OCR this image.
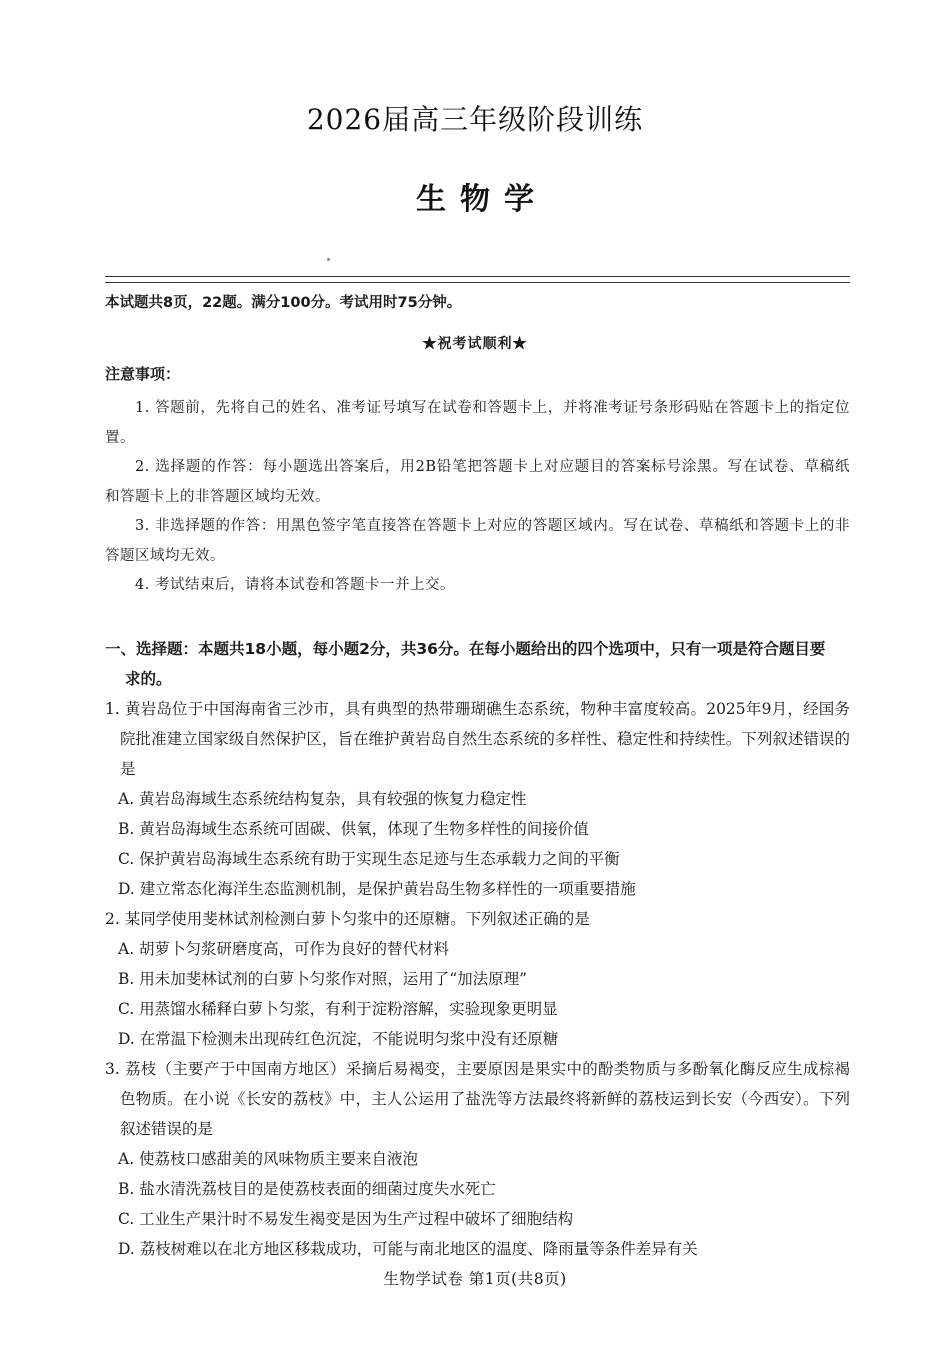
2026届高三年级阶段训练
生物学
本试题共8页，22题。满分100分。考试用时75分钟。
★祝考试顺利★
注意事项：

1. 答题前，先将自己的姓名、准考证号填写在试卷和答题卡上，并将准考证号条形码贴在答题卡上的指定位置。

2. 选择题的作答：每小题选出答案后，用2B铅笔把答题卡上对应题目的答案标号涂黑。写在试卷、草稿纸和答题卡上的非答题区域均无效。

3. 非选择题的作答：用黑色签字笔直接答在答题卡上对应的答题区域内。写在试卷、草稿纸和答题卡上的非答题区域均无效。

4. 考试结束后，请将本试卷和答题卡一并上交。

一、选择题：本题共18小题，每小题2分，共36分。在每小题给出的四个选项中，只有一项是符合题目要
求的。

1. 黄岩岛位于中国海南省三沙市，具有典型的热带珊瑚礁生态系统，物种丰富度较高。2025年9月，经国务院批准建立国家级自然保护区，旨在维护黄岩岛自然生态系统的多样性、稳定性和持续性。下列叙述错误的是

A. 黄岩岛海域生态系统结构复杂，具有较强的恢复力稳定性

B. 黄岩岛海域生态系统可固碳、供氧，体现了生物多样性的间接价值

C. 保护黄岩岛海域生态系统有助于实现生态足迹与生态承载力之间的平衡

D. 建立常态化海洋生态监测机制，是保护黄岩岛生物多样性的一项重要措施

2. 某同学使用斐林试剂检测白萝卜匀浆中的还原糖。下列叙述正确的是

A. 胡萝卜匀浆研磨度高，可作为良好的替代材料

B. 用未加斐林试剂的白萝卜匀浆作对照，运用了“加法原理”

C. 用蒸馏水稀释白萝卜匀浆，有利于淀粉溶解，实验现象更明显

D. 在常温下检测未出现砖红色沉淀，不能说明匀浆中没有还原糖

3. 荔枝（主要产于中国南方地区）采摘后易褐变，主要原因是果实中的酚类物质与多酚氧化酶反应生成棕褐色物质。在小说《长安的荔枝》中，主人公运用了盐洗等方法最终将新鲜的荔枝运到长安（今西安）。下列叙述错误的是

A. 使荔枝口感甜美的风味物质主要来自液泡

B. 盐水清洗荔枝目的是使荔枝表面的细菌过度失水死亡

C. 工业生产果汁时不易发生褐变是因为生产过程中破坏了细胞结构

D. 荔枝树难以在北方地区移栽成功，可能与南北地区的温度、降雨量等条件差异有关

生物学试卷 第1页(共8页)
